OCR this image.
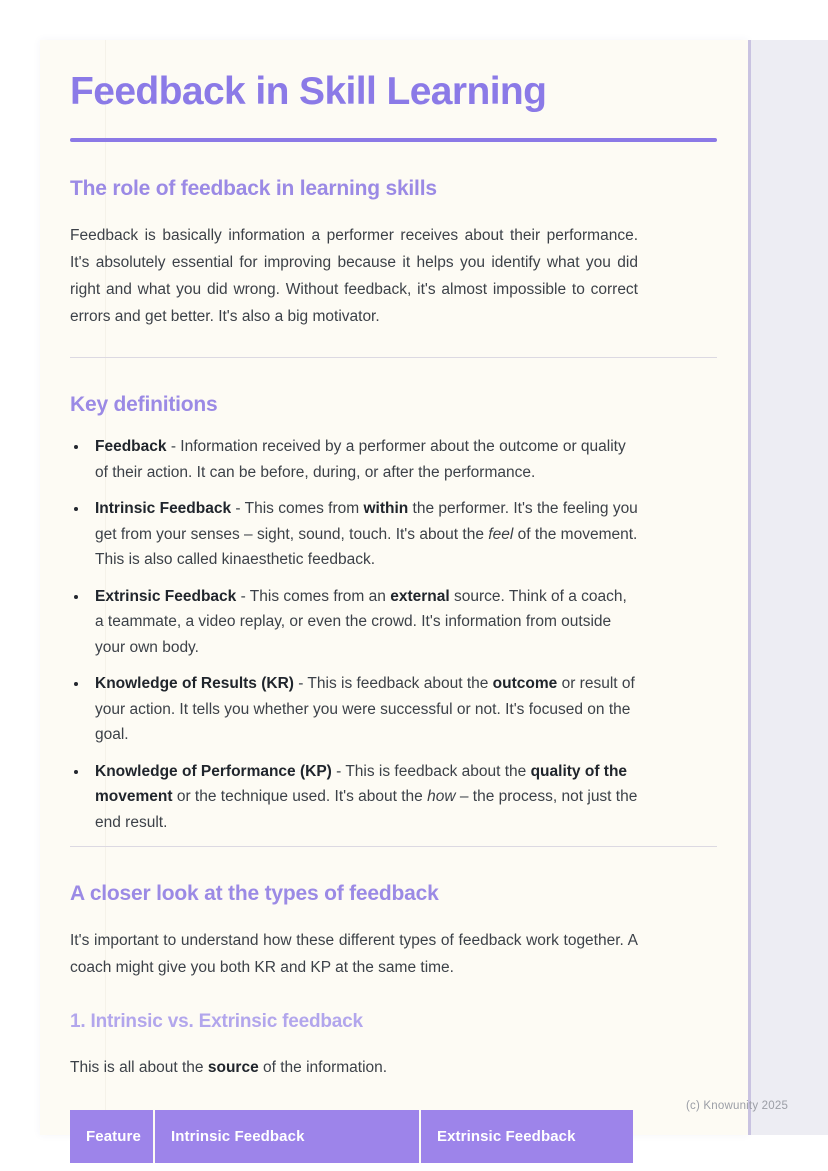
Feedback in Skill Learning
The role of feedback in learning skills

Feedback is basically information a performer receives about their performance. It's absolutely essential for improving because it helps you identify what you did right and what you did wrong. Without feedback, it's almost impossible to correct errors and get better. It's also a big motivator.

Key definitions
• Feedback - Information received by a performer about the outcome or quality of their action. It can be before, during, or after the performance.
• Intrinsic Feedback - This comes from within the performer. It's the feeling you get from your senses – sight, sound, touch. It's about the feel of the movement. This is also called kinaesthetic feedback.
• Extrinsic Feedback - This comes from an external source. Think of a coach, a teammate, a video replay, or even the crowd. It's information from outside your own body.
• Knowledge of Results (KR) - This is feedback about the outcome or result of your action. It tells you whether you were successful or not. It's focused on the goal.
• Knowledge of Performance (KP) - This is feedback about the quality of the movement or the technique used. It's about the how – the process, not just the end result.
A closer look at the types of feedback

It's important to understand how these different types of feedback work together. A coach might give you both KR and KP at the same time.

1. Intrinsic vs. Extrinsic feedback

This is all about the source of the information.

Feature	Intrinsic Feedback	Extrinsic Feedback
(c) Knowunity 2025
